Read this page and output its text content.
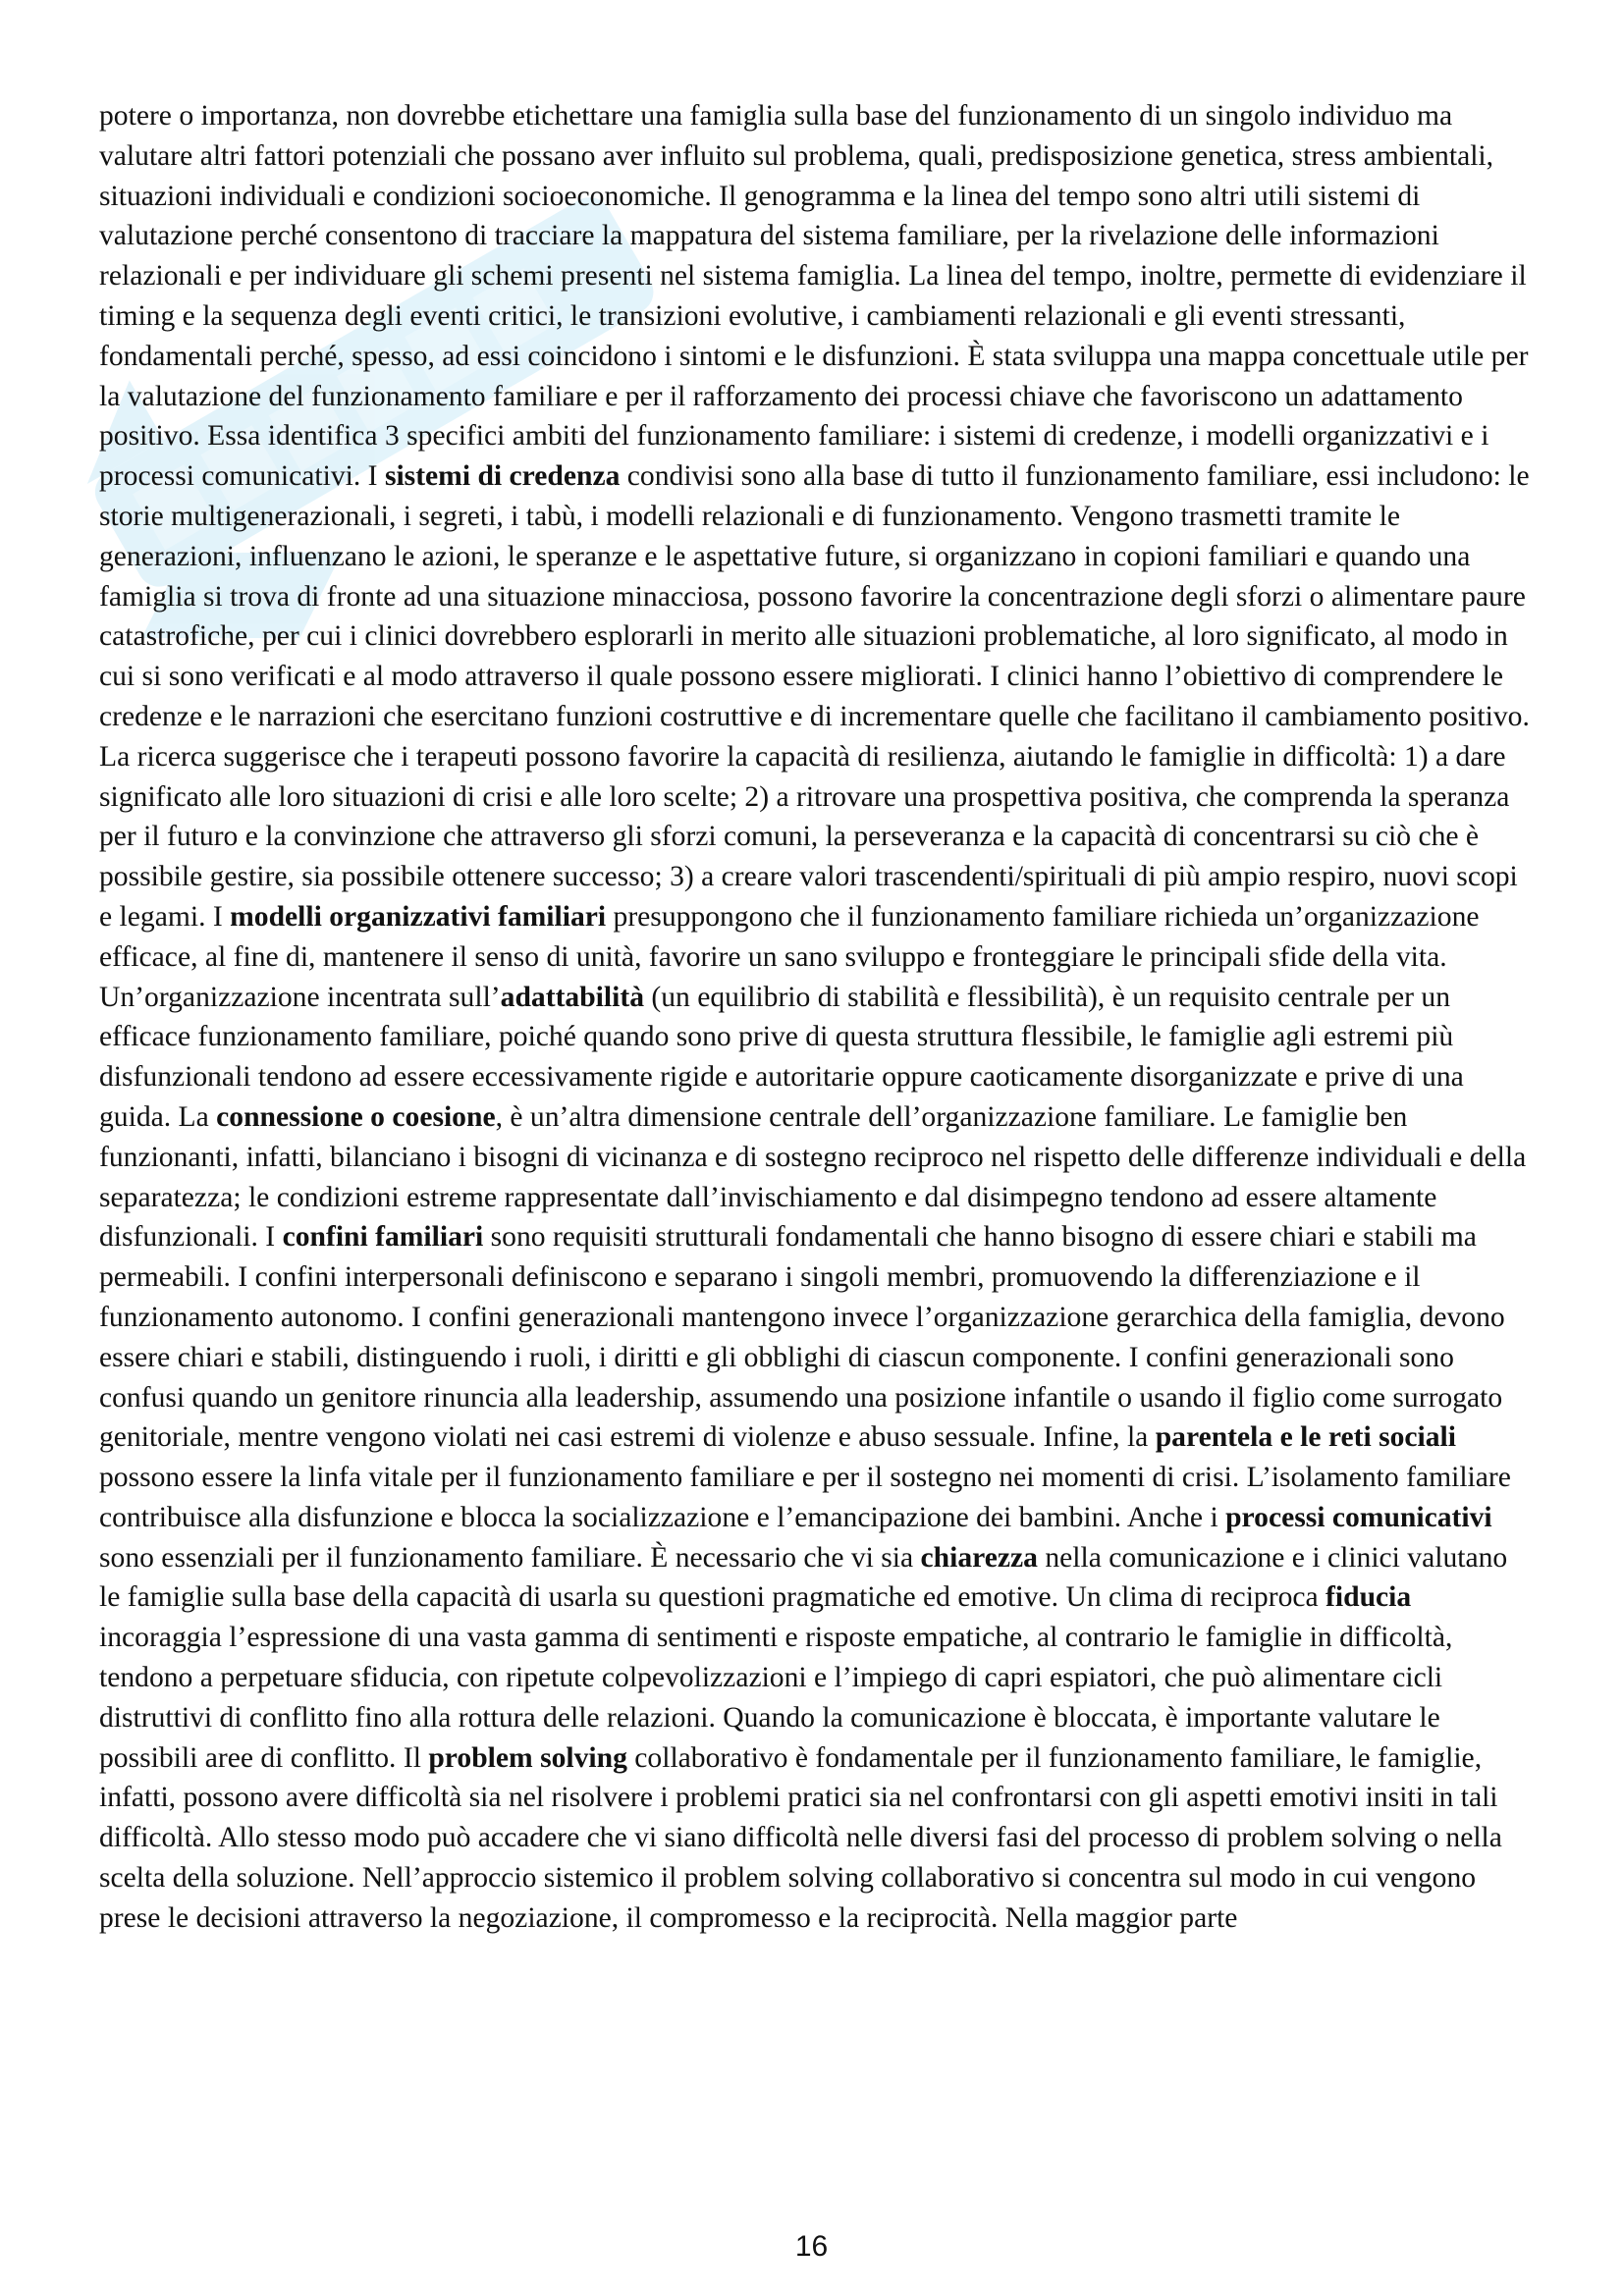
potere o importanza, non dovrebbe etichettare una famiglia sulla base del funzionamento di un singolo individuo ma valutare altri fattori potenziali che possano aver influito sul problema, quali, predisposizione genetica, stress ambientali, situazioni individuali e condizioni socioeconomiche. Il genogramma e la linea del tempo sono altri utili sistemi di valutazione perché consentono di tracciare la mappatura del sistema familiare, per la rivelazione delle informazioni relazionali e per individuare gli schemi presenti nel sistema famiglia. La linea del tempo, inoltre, permette di evidenziare il timing e la sequenza degli eventi critici, le transizioni evolutive, i cambiamenti relazionali e gli eventi stressanti, fondamentali perché, spesso, ad essi coincidono i sintomi e le disfunzioni. È stata sviluppa una mappa concettuale utile per la valutazione del funzionamento familiare e per il rafforzamento dei processi chiave che favoriscono un adattamento positivo. Essa identifica 3 specifici ambiti del funzionamento familiare: i sistemi di credenze, i modelli organizzativi e i processi comunicativi. I sistemi di credenza condivisi sono alla base di tutto il funzionamento familiare, essi includono: le storie multigenerazionali, i segreti, i tabù, i modelli relazionali e di funzionamento. Vengono trasmetti tramite le generazioni, influenzano le azioni, le speranze e le aspettative future, si organizzano in copioni familiari e quando una famiglia si trova di fronte ad una situazione minacciosa, possono favorire la concentrazione degli sforzi o alimentare paure catastrofiche, per cui i clinici dovrebbero esplorarli in merito alle situazioni problematiche, al loro significato, al modo in cui si sono verificati e al modo attraverso il quale possono essere migliorati. I clinici hanno l’obiettivo di comprendere le credenze e le narrazioni che esercitano funzioni costruttive e di incrementare quelle che facilitano il cambiamento positivo. La ricerca suggerisce che i terapeuti possono favorire la capacità di resilienza, aiutando le famiglie in difficoltà: 1) a dare significato alle loro situazioni di crisi e alle loro scelte; 2) a ritrovare una prospettiva positiva, che comprenda la speranza per il futuro e la convinzione che attraverso gli sforzi comuni, la perseveranza e la capacità di concentrarsi su ciò che è possibile gestire, sia possibile ottenere successo; 3) a creare valori trascendenti/spirituali di più ampio respiro, nuovi scopi e legami. I modelli organizzativi familiari presuppongono che il funzionamento familiare richieda un’organizzazione efficace, al fine di, mantenere il senso di unità, favorire un sano sviluppo e fronteggiare le principali sfide della vita. Un’organizzazione incentrata sull’adattabilità (un equilibrio di stabilità e flessibilità), è un requisito centrale per un efficace funzionamento familiare, poiché quando sono prive di questa struttura flessibile, le famiglie agli estremi più disfunzionali tendono ad essere eccessivamente rigide e autoritarie oppure caoticamente disorganizzate e prive di una guida. La connessione o coesione, è un’altra dimensione centrale dell’organizzazione familiare. Le famiglie ben funzionanti, infatti, bilanciano i bisogni di vicinanza e di sostegno reciproco nel rispetto delle differenze individuali e della separatezza; le condizioni estreme rappresentate dall’invischiamento e dal disimpegno tendono ad essere altamente disfunzionali. I confini familiari sono requisiti strutturali fondamentali che hanno bisogno di essere chiari e stabili ma permeabili. I confini interpersonali definiscono e separano i singoli membri, promuovendo la differenziazione e il funzionamento autonomo. I confini generazionali mantengono invece l’organizzazione gerarchica della famiglia, devono essere chiari e stabili, distinguendo i ruoli, i diritti e gli obblighi di ciascun componente. I confini generazionali sono confusi quando un genitore rinuncia alla leadership, assumendo una posizione infantile o usando il figlio come surrogato genitoriale, mentre vengono violati nei casi estremi di violenze e abuso sessuale. Infine, la parentela e le reti sociali possono essere la linfa vitale per il funzionamento familiare e per il sostegno nei momenti di crisi. L’isolamento familiare contribuisce alla disfunzione e blocca la socializzazione e l’emancipazione dei bambini. Anche i processi comunicativi sono essenziali per il funzionamento familiare. È necessario che vi sia chiarezza nella comunicazione e i clinici valutano le famiglie sulla base della capacità di usarla su questioni pragmatiche ed emotive. Un clima di reciproca fiducia incoraggia l’espressione di una vasta gamma di sentimenti e risposte empatiche, al contrario le famiglie in difficoltà, tendono a perpetuare sfiducia, con ripetute colpevolizzazioni e l’impiego di capri espiatori, che può alimentare cicli distruttivi di conflitto fino alla rottura delle relazioni. Quando la comunicazione è bloccata, è importante valutare le possibili aree di conflitto. Il problem solving collaborativo è fondamentale per il funzionamento familiare, le famiglie, infatti, possono avere difficoltà sia nel risolvere i problemi pratici sia nel confrontarsi con gli aspetti emotivi insiti in tali difficoltà. Allo stesso modo può accadere che vi siano difficoltà nelle diversi fasi del processo di problem solving o nella scelta della soluzione. Nell’approccio sistemico il problem solving collaborativo si concentra sul modo in cui vengono prese le decisioni attraverso la negoziazione, il compromesso e la reciprocità. Nella maggior parte

16
